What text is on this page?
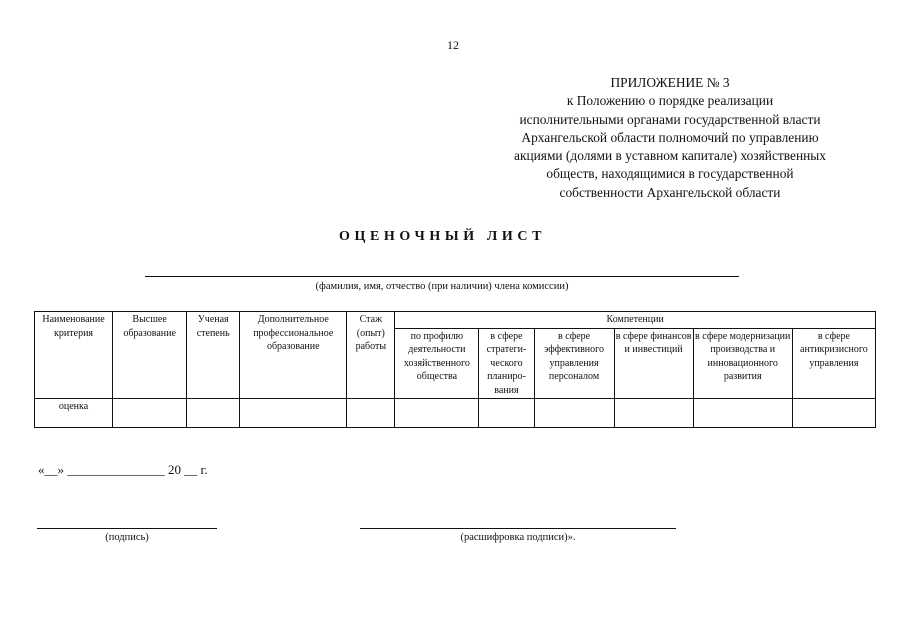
12
ПРИЛОЖЕНИЕ № 3
к Положению о порядке реализации
исполнительными органами государственной власти
Архангельской области полномочий по управлению
акциями (долями в уставном капитале) хозяйственных
обществ, находящимися в государственной
собственности Архангельской области
ОЦЕНОЧНЫЙ ЛИСТ
(фамилия, имя, отчество (при наличии) члена комиссии)
Наименование критерия	Высшее образование	Ученая степень	Дополнительное профессиональное образование	Стаж (опыт) работы	Компетенции					
					по профилю деятельности хозяйственного общества	в сфере стратеги-ческого планиро-вания	в сфере эффективного управления персоналом	в сфере финансов и инвестиций	в сфере модернизации производства и инновационного развития	в сфере антикризисного управления
оценка										
«__» _______________ 20 __ г.
(подпись)	(расшифровка подписи)».
